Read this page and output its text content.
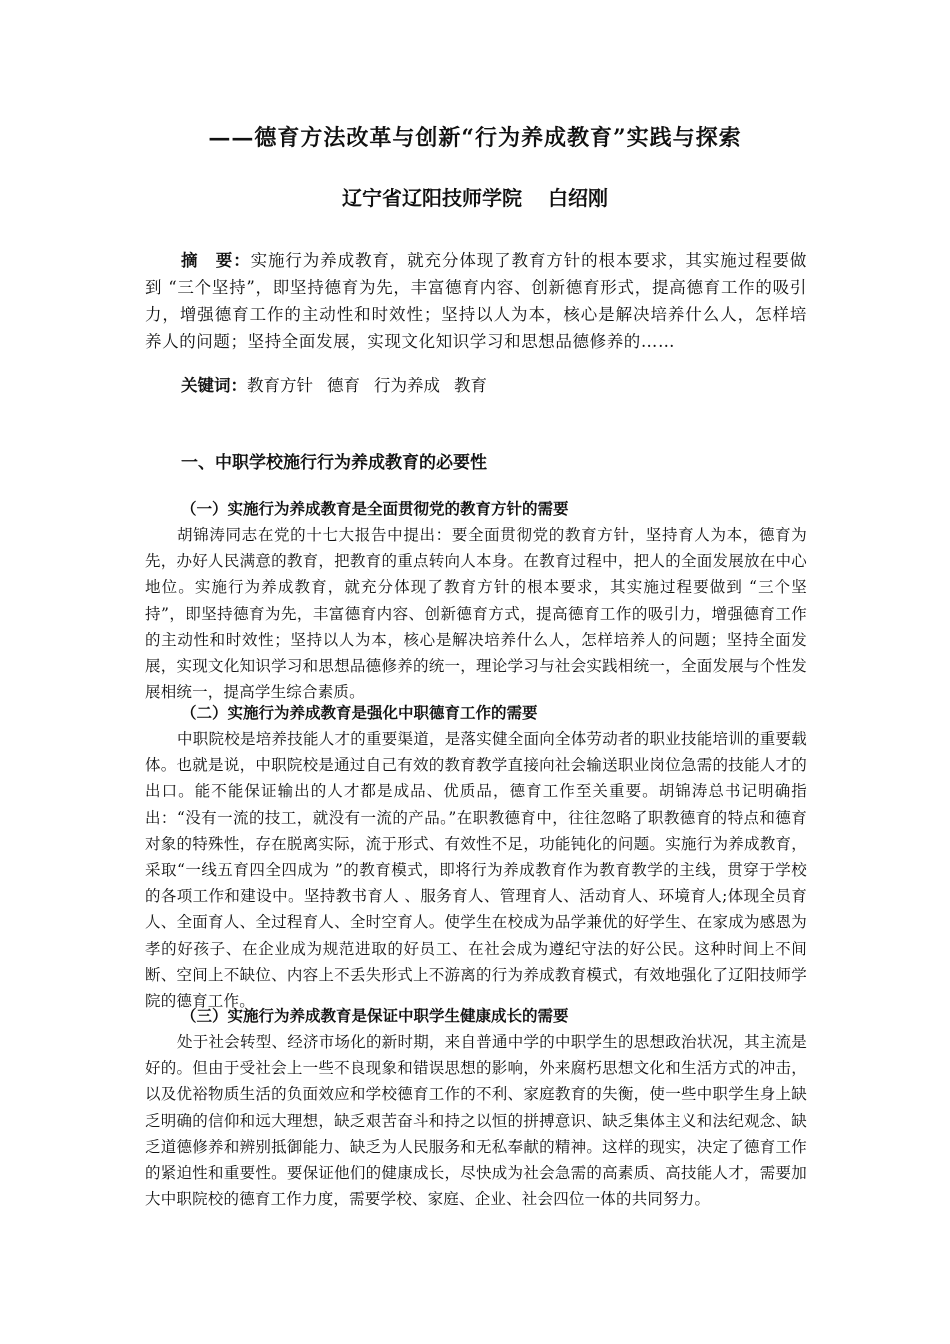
——德育方法改革与创新“行为养成教育”实践与探索
辽宁省辽阳技师学院 白绍刚
摘　要：实施行为养成教育，就充分体现了教育方针的根本要求，其实施过程要做到 “三个坚持”，即坚持德育为先，丰富德育内容、创新德育形式，提高德育工作的吸引力，增强德育工作的主动性和时效性；坚持以人为本，核心是解决培养什么人，怎样培养人的问题；坚持全面发展，实现文化知识学习和思想品德修养的……
关键词：教育方针 德育 行为养成 教育
一、中职学校施行行为养成教育的必要性
（一）实施行为养成教育是全面贯彻党的教育方针的需要
胡锦涛同志在党的十七大报告中提出：要全面贯彻党的教育方针，坚持育人为本，德育为先，办好人民满意的教育，把教育的重点转向人本身。在教育过程中，把人的全面发展放在中心地位。实施行为养成教育，就充分体现了教育方针的根本要求，其实施过程要做到 “三个坚持”，即坚持德育为先，丰富德育内容、创新德育方式，提高德育工作的吸引力，增强德育工作的主动性和时效性；坚持以人为本，核心是解决培养什么人，怎样培养人的问题；坚持全面发展，实现文化知识学习和思想品德修养的统一，理论学习与社会实践相统一，全面发展与个性发展相统一，提高学生综合素质。
（二）实施行为养成教育是强化中职德育工作的需要
中职院校是培养技能人才的重要渠道，是落实健全面向全体劳动者的职业技能培训的重要载体。也就是说，中职院校是通过自己有效的教育教学直接向社会输送职业岗位急需的技能人才的出口。能不能保证输出的人才都是成品、优质品，德育工作至关重要。胡锦涛总书记明确指出：“没有一流的技工，就没有一流的产品。”在职教德育中，往往忽略了职教德育的特点和德育对象的特殊性，存在脱离实际，流于形式、有效性不足，功能钝化的问题。实施行为养成教育，采取“一线五育四全四成为 ”的教育模式，即将行为养成教育作为教育教学的主线，贯穿于学校的各项工作和建设中。坚持教书育人 、服务育人、管理育人、活动育人、环境育人;体现全员育人、全面育人、全过程育人、全时空育人。使学生在校成为品学兼优的好学生、在家成为感恩为孝的好孩子、在企业成为规范进取的好员工、在社会成为遵纪守法的好公民。这种时间上不间断、空间上不缺位、内容上不丢失形式上不游离的行为养成教育模式，有效地强化了辽阳技师学院的德育工作。
（三）实施行为养成教育是保证中职学生健康成长的需要
处于社会转型、经济市场化的新时期，来自普通中学的中职学生的思想政治状况，其主流是好的。但由于受社会上一些不良现象和错误思想的影响，外来腐朽思想文化和生活方式的冲击，以及优裕物质生活的负面效应和学校德育工作的不利、家庭教育的失衡，使一些中职学生身上缺乏明确的信仰和远大理想，缺乏艰苦奋斗和持之以恒的拼搏意识、缺乏集体主义和法纪观念、缺乏道德修养和辨别抵御能力、缺乏为人民服务和无私奉献的精神。这样的现实，决定了德育工作的紧迫性和重要性。要保证他们的健康成长，尽快成为社会急需的高素质、高技能人才，需要加大中职院校的德育工作力度，需要学校、家庭、企业、社会四位一体的共同努力。
